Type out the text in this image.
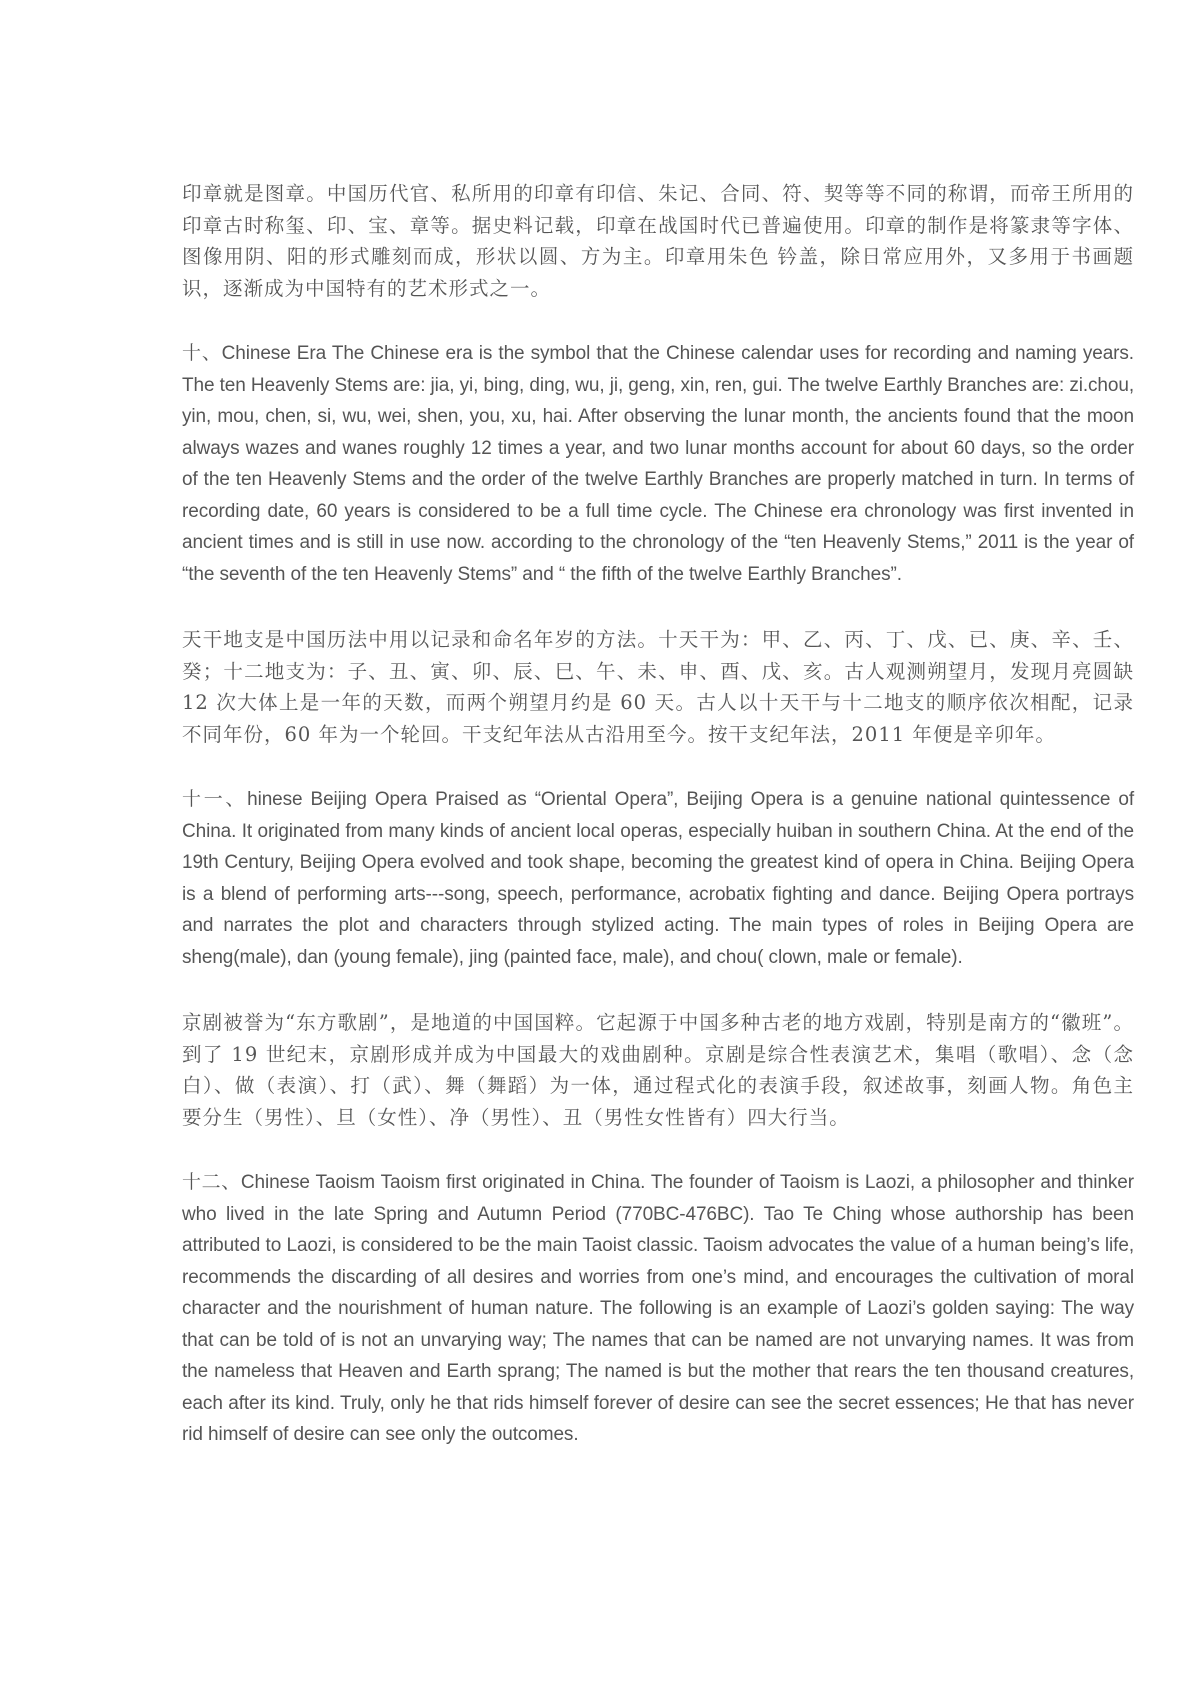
印章就是图章。中国历代官、私所用的印章有印信、朱记、合同、符、契等等不同的称谓，而帝王所用的印章古时称玺、印、宝、章等。据史料记载，印章在战国时代已普遍使用。印章的制作是将篆隶等字体、图像用阴、阳的形式雕刻而成，形状以圆、方为主。印章用朱色 钤盖，除日常应用外，又多用于书画题识，逐渐成为中国特有的艺术形式之一。

十、Chinese Era The Chinese era is the symbol that the Chinese calendar uses for recording and naming years. The ten Heavenly Stems are: jia, yi, bing, ding, wu, ji, geng, xin, ren, gui. The twelve Earthly Branches are: zi.chou, yin, mou, chen, si, wu, wei, shen, you, xu, hai. After observing the lunar month, the ancients found that the moon always wazes and wanes roughly 12 times a year, and two lunar months account for about 60 days, so the order of the ten Heavenly Stems and the order of the twelve Earthly Branches are properly matched in turn. In terms of recording date, 60 years is considered to be a full time cycle. The Chinese era chronology was first invented in ancient times and is still in use now. according to the chronology of the “ten Heavenly Stems,” 2011 is the year of “the seventh of the ten Heavenly Stems” and “ the fifth of the twelve Earthly Branches”.

天干地支是中国历法中用以记录和命名年岁的方法。十天干为：甲、乙、丙、丁、戊、已、庚、辛、壬、癸；十二地支为：子、丑、寅、卯、辰、巳、午、未、申、酉、戊、亥。古人观测朔望月，发现月亮圆缺 12 次大体上是一年的天数，而两个朔望月约是 60 天。古人以十天干与十二地支的顺序依次相配，记录不同年份，60 年为一个轮回。干支纪年法从古沿用至今。按干支纪年法，2011 年便是辛卯年。

十一、hinese Beijing Opera Praised as “Oriental Opera”, Beijing Opera is a genuine national quintessence of China. It originated from many kinds of ancient local operas, especially huiban in southern China. At the end of the 19th Century, Beijing Opera evolved and took shape, becoming the greatest kind of opera in China. Beijing Opera is a blend of performing arts---song, speech, performance, acrobatix fighting and dance. Beijing Opera portrays and narrates the plot and characters through stylized acting. The main types of roles in Beijing Opera are sheng(male), dan (young female), jing (painted face, male), and chou( clown, male or female).

京剧被誉为“东方歌剧”，是地道的中国国粹。它起源于中国多种古老的地方戏剧，特别是南方的“徽班”。到了 19 世纪末，京剧形成并成为中国最大的戏曲剧种。京剧是综合性表演艺术，集唱（歌唱）、念（念白）、做（表演）、打（武）、舞（舞蹈）为一体，通过程式化的表演手段，叙述故事，刻画人物。角色主要分生（男性）、旦（女性）、净（男性）、丑（男性女性皆有）四大行当。

十二、Chinese Taoism Taoism first originated in China. The founder of Taoism is Laozi, a philosopher and thinker who lived in the late Spring and Autumn Period (770BC-476BC). Tao Te Ching whose authorship has been attributed to Laozi, is considered to be the main Taoist classic. Taoism advocates the value of a human being’s life, recommends the discarding of all desires and worries from one’s mind, and encourages the cultivation of moral character and the nourishment of human nature. The following is an example of Laozi’s golden saying: The way that can be told of is not an unvarying way; The names that can be named are not unvarying names. It was from the nameless that Heaven and Earth sprang; The named is but the mother that rears the ten thousand creatures, each after its kind. Truly, only he that rids himself forever of desire can see the secret essences; He that has never rid himself of desire can see only the outcomes.
